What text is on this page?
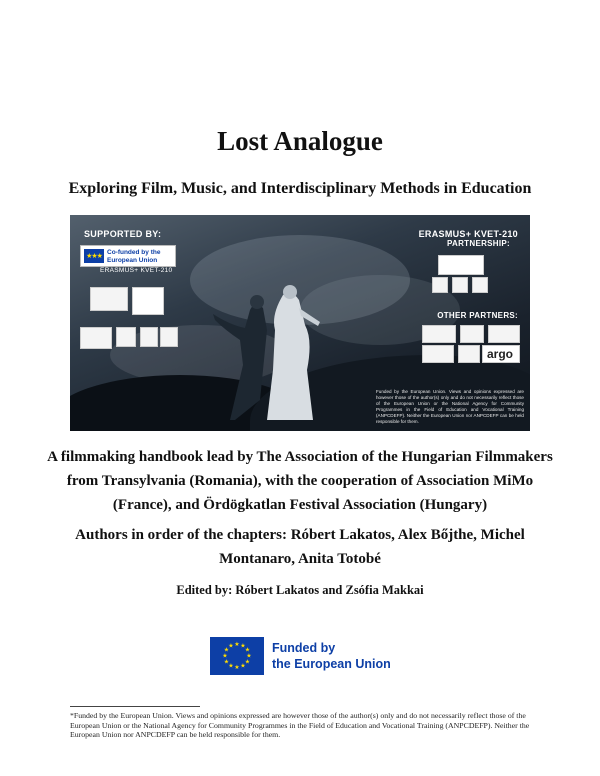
Lost Analogue
Exploring Film, Music, and Interdisciplinary Methods in Education
SUPPORTED BY:
★★★
Co-funded by the European Union
ERASMUS+ KVET-210
ERASMUS+ KVET-210
PARTNERSHIP:
OTHER PARTNERS:
argo
Funded by the European Union. Views and opinions expressed are however those of the author(s) only and do not necessarily reflect those of the European Union or the National Agency for Community Programmes in the Field of Education and Vocational Training (ANPCDEFP). Neither the European Union nor ANPCDEFP can be held responsible for them.
A filmmaking handbook lead by The Association of the Hungarian Filmmakers from Transylvania (Romania), with the cooperation of Association MiMo (France), and Ördögkatlan Festival Association (Hungary)
Authors in order of the chapters: Róbert Lakatos, Alex Bőjthe, Michel Montanaro, Anita Totobé
Edited by: Róbert Lakatos and Zsófia Makkai
★ ★
★
★
★
★
★
★
★
★
★
★	Funded by
the European Union
*Funded by the European Union. Views and opinions expressed are however those of the author(s) only and do not necessarily reflect those of the European Union or the National Agency for Community Programmes in the Field of Education and Vocational Training (ANPCDEFP). Neither the European Union nor ANPCDEFP can be held responsible for them.
